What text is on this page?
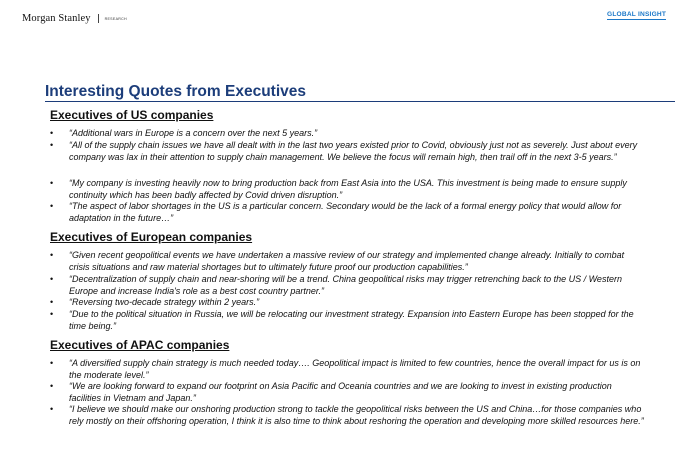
Morgan Stanley	RESEARCH
GLOBAL INSIGHT
Interesting Quotes from Executives
Executives of US companies
• “Additional wars in Europe is a concern over the next 5 years.”

• “All of the supply chain issues we have all dealt with in the last two years existed prior to Covid, obviously just not as severely. Just about every company was lax in their attention to supply chain management. We believe the focus will remain high, then trail off in the next 3-5 years.”

• “My company is investing heavily now to bring production back from East Asia into the USA. This investment is being made to ensure supply continuity which has been badly affected by Covid driven disruption.”

• “The aspect of labor shortages in the US is a particular concern. Secondary would be the lack of a formal energy policy that would allow for adaptation in the future…”

Executives of European companies
• “Given recent geopolitical events we have undertaken a massive review of our strategy and implemented change already. Initially to combat crisis situations and raw material shortages but to ultimately future proof our production capabilities.”

• “Decentralization of supply chain and near-shoring will be a trend. China geopolitical risks may trigger retrenching back to the US / Western Europe and increase India's role as a best cost country partner.”

• “Reversing two-decade strategy within 2 years.”

• “Due to the political situation in Russia, we will be relocating our investment strategy. Expansion into Eastern Europe has been stopped for the time being.”

Executives of APAC companies
• “A diversified supply chain strategy is much needed today…. Geopolitical impact is limited to few countries, hence the overall impact for us is on the moderate level.”

• “We are looking forward to expand our footprint on Asia Pacific and Oceania countries and we are looking to invest in existing production facilities in Vietnam and Japan.”

• “I believe we should make our onshoring production strong to tackle the geopolitical risks between the US and China…for those companies who rely mostly on their offshoring operation, I think it is also time to think about reshoring the operation and developing more skilled resources here.”
